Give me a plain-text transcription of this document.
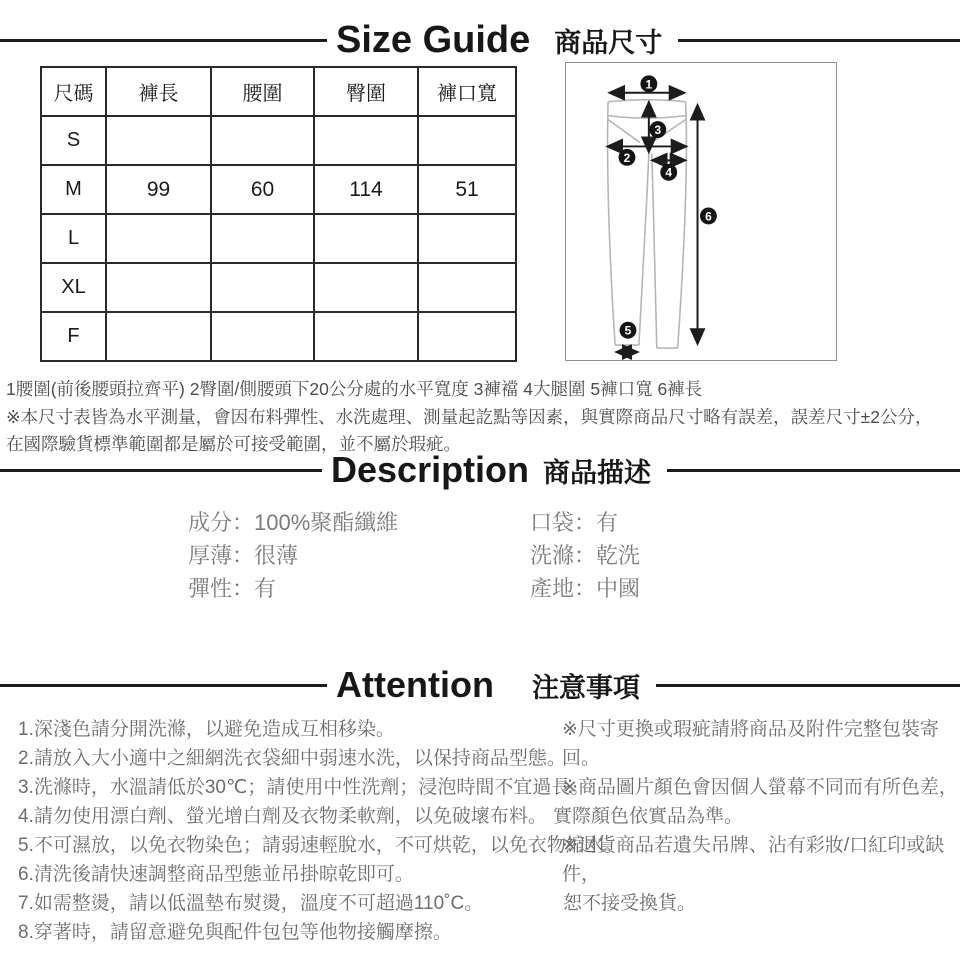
Size Guide 商品尺寸
尺碼	褲長	腰圍	臀圍	褲口寬
S				
M	99	60	114	51
L				
XL				
F				
1
2
3
4
5
6
1腰圍(前後腰頭拉齊平) 2臀圍/側腰頭下20公分處的水平寬度 3褲襠 4大腿圍 5褲口寬 6褲長
※本尺寸表皆為水平測量，會因布料彈性、水洗處理、測量起訖點等因素，與實際商品尺寸略有誤差，誤差尺寸±2公分，
在國際驗貨標準範圍都是屬於可接受範圍，並不屬於瑕疵。
Description 商品描述
成分：100%聚酯纖維
厚薄：很薄
彈性：有
口袋：有
洗滌：乾洗
產地：中國
Attention 注意事項
1.深淺色請分開洗滌，以避免造成互相移染。
2.請放入大小適中之細網洗衣袋細中弱速水洗，以保持商品型態。
3.洗滌時，水溫請低於30℃；請使用中性洗劑；浸泡時間不宜過長。
4.請勿使用漂白劑、螢光增白劑及衣物柔軟劑，以免破壞布料。
5.不可濕放，以免衣物染色；請弱速輕脫水，不可烘乾，以免衣物縮水。
6.清洗後請快速調整商品型態並吊掛晾乾即可。
7.如需整燙，請以低溫墊布熨燙，溫度不可超過110˚C。
8.穿著時，請留意避免與配件包包等他物接觸摩擦。
※尺寸更換或瑕疵請將商品及附件完整包裝寄回。
※商品圖片顏色會因個人螢幕不同而有所色差，
實際顏色依實品為準。
※退貨商品若遺失吊牌、沾有彩妝/口紅印或缺件，
恕不接受換貨。
